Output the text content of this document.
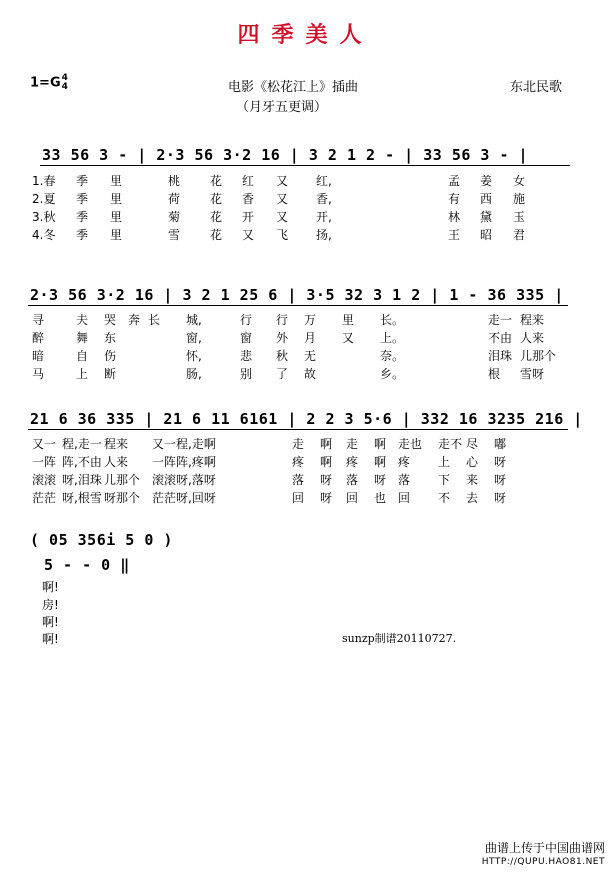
四季美人
1=G 4
4	电影《松花江上》插曲
（月牙五更调）
东北民歌
33 56 3 - | 2·3 56 3·2 16 | 3 2 1 2 - | 33 56 3 - |
1.春 季 里	桃 花 红 又 红,	孟 姜 女
2.夏 季 里	荷 花 香 又 香,	有 西 施
3.秋 季 里	菊 花 开 又 开,	林 黛 玉
4.冬 季 里	雪 花 又 飞 扬,	王 昭 君
2·3 56 3·2 16 | 3 2 1 25 6 | 3·5 32 3 1 2 | 1 - 36 335 |
寻	夫 哭 奔 长 城,	行 行 万 里 长。	走一 程来
醉	舞 东	窗,	窗 外 月 又 上。	不由 人来
暗	自 伤	怀,	悲 秋 无	奈。	泪珠 儿那个
马	上 断	肠,	别 了 故	乡。	根 雪呀
21 6 36 335 | 21 6 11 6161 | 2 2 3 5·6 | 332 16 3235 216 |
又一 程,走一 程来 又一 程,走啊	走 啊 走 啊 走也 走不 尽 嘟
一阵 阵,不由 人来 一阵 阵,疼啊	疼 啊 疼 啊 疼 上 心 呀
滚滚 呀,泪珠 儿那个 滚滚 呀,落呀	落 呀 落 呀 落 下 来 呀
茫茫 呀,根雪 呀那个 茫茫 呀,回呀	回 呀 回 也 回 不 去 呀
( 05 356i 5 0 )
5 - - 0 ‖
啊!
房!
啊!
啊!	sunzp制谱20110727.
曲谱上传于中国曲谱网
HTTP://QUPU.HAO81.NET
